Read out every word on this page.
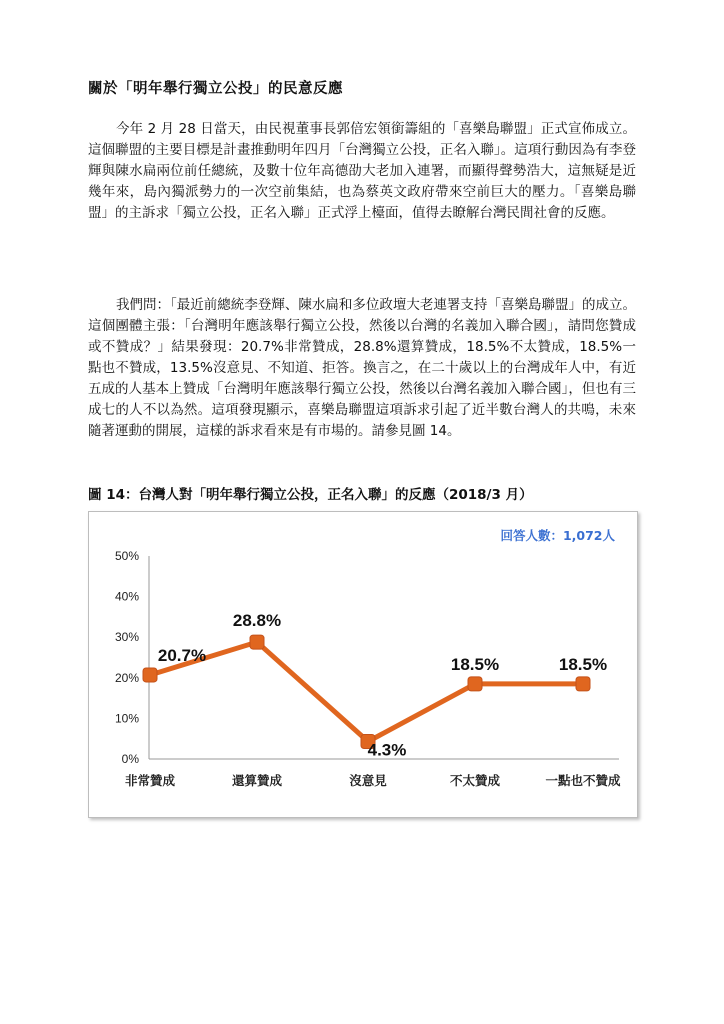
關於「明年舉行獨立公投」的民意反應

今年 2 月 28 日當天，由民視董事長郭倍宏領銜籌組的「喜樂島聯盟」正式宣佈成立。這個聯盟的主要目標是計畫推動明年四月「台灣獨立公投，正名入聯」。這項行動因為有李登輝與陳水扁兩位前任總統，及數十位年高德劭大老加入連署，而顯得聲勢浩大，這無疑是近幾年來，島內獨派勢力的一次空前集結，也為蔡英文政府帶來空前巨大的壓力。「喜樂島聯盟」的主訴求「獨立公投，正名入聯」正式浮上檯面，值得去瞭解台灣民間社會的反應。

我們問：「最近前總統李登輝、陳水扁和多位政壇大老連署支持「喜樂島聯盟」的成立。這個團體主張：「台灣明年應該舉行獨立公投，然後以台灣的名義加入聯合國」，請問您贊成或不贊成？」結果發現：20.7%非常贊成，28.8%還算贊成，18.5%不太贊成，18.5%一點也不贊成，13.5%沒意見、不知道、拒答。換言之，在二十歲以上的台灣成年人中，有近五成的人基本上贊成「台灣明年應該舉行獨立公投，然後以台灣名義加入聯合國」，但也有三成七的人不以為然。這項發現顯示，喜樂島聯盟這項訴求引起了近半數台灣人的共鳴，未來隨著運動的開展，這樣的訴求看來是有市場的。請參見圖 14。

圖 14：台灣人對「明年舉行獨立公投，正名入聯」的反應（2018/3 月）
回答人數：1,072人
0%
10%
20%
30%
40%
50%
非常贊成	還算贊成	沒意見	不太贊成	一點也不贊成
20.7%
28.8%
4.3%
18.5%	18.5%
